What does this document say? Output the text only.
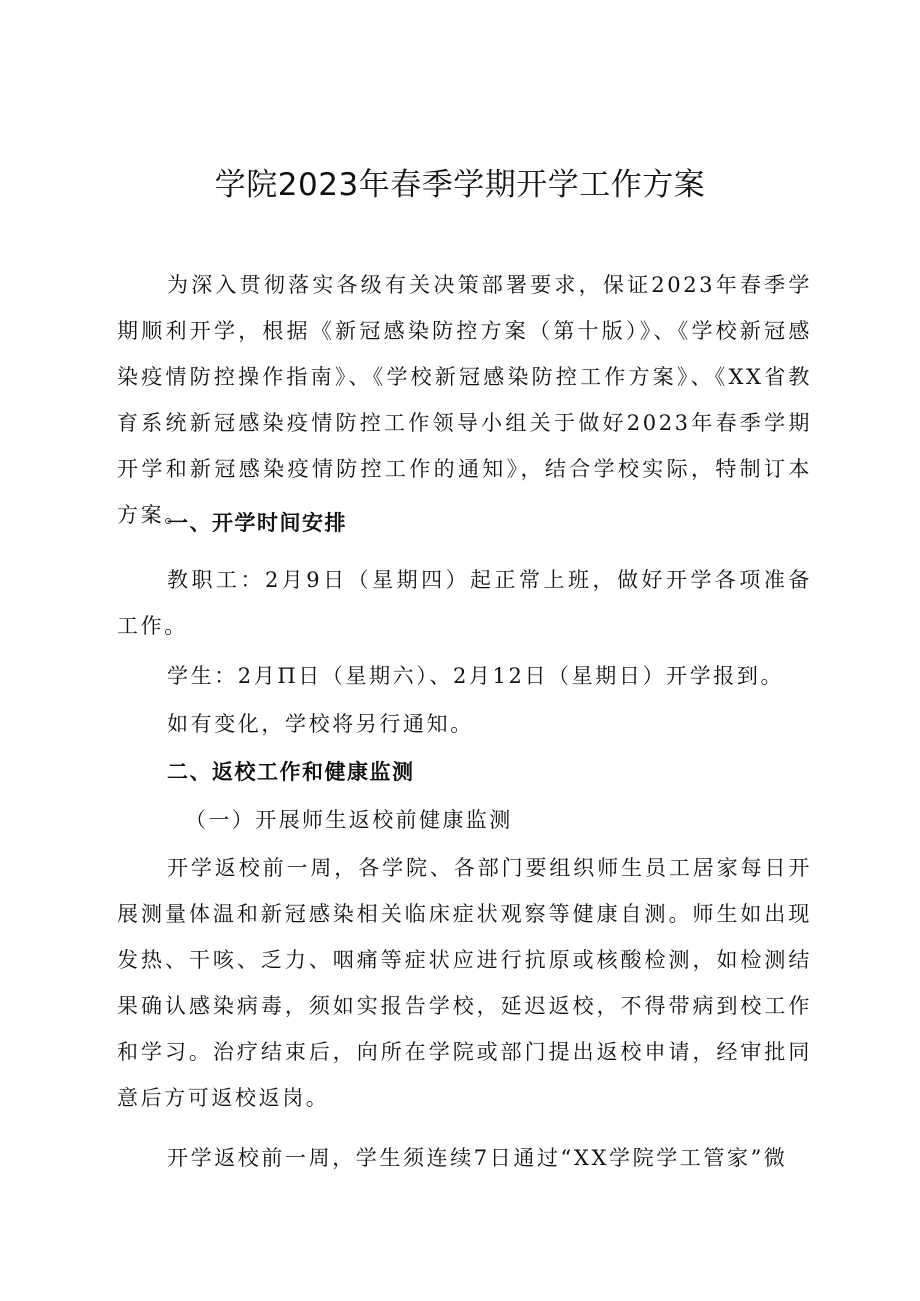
学院2023年春季学期开学工作方案

为深入贯彻落实各级有关决策部署要求，保证2023年春季学期顺利开学，根据《新冠感染防控方案（第十版）》、《学校新冠感染疫情防控操作指南》、《学校新冠感染防控工作方案》、《XX省教育系统新冠感染疫情防控工作领导小组关于做好2023年春季学期开学和新冠感染疫情防控工作的通知》，结合学校实际，特制订本方案。

一、开学时间安排

教职工：2月9日（星期四）起正常上班，做好开学各项准备工作。

学生：2月Π日（星期六）、2月12日（星期日）开学报到。

如有变化，学校将另行通知。

二、返校工作和健康监测

（一）开展师生返校前健康监测

开学返校前一周，各学院、各部门要组织师生员工居家每日开展测量体温和新冠感染相关临床症状观察等健康自测。师生如出现发热、干咳、乏力、咽痛等症状应进行抗原或核酸检测，如检测结果确认感染病毒，须如实报告学校，延迟返校，不得带病到校工作和学习。治疗结束后，向所在学院或部门提出返校申请，经审批同意后方可返校返岗。

开学返校前一周，学生须连续7日通过“XX学院学工管家”微
